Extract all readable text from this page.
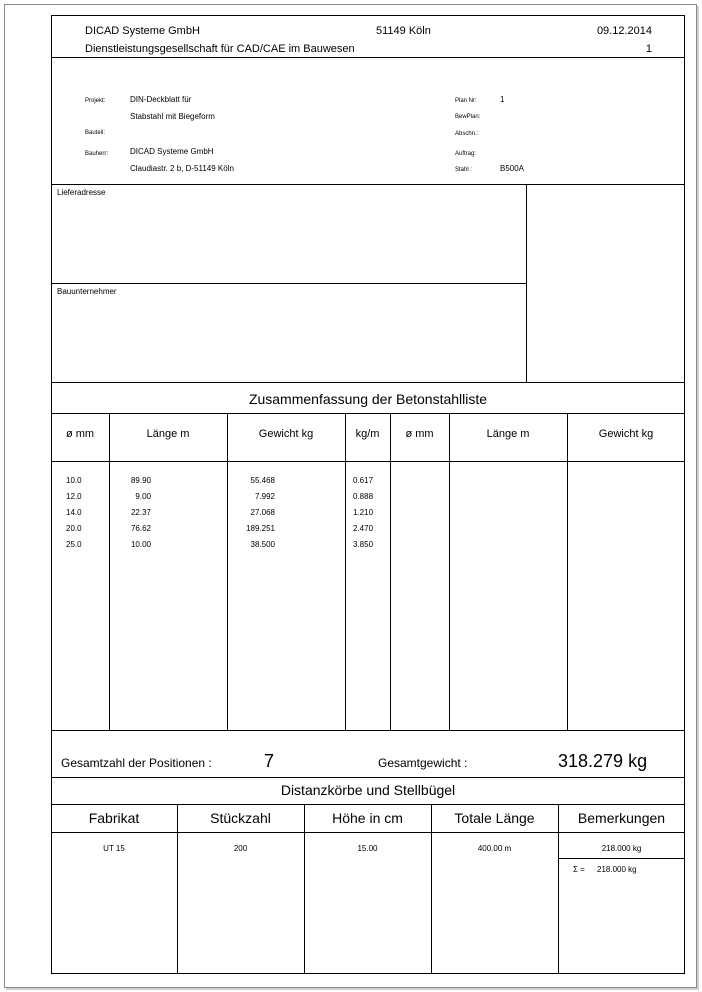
DICAD Systeme GmbH
Dienstleistungsgesellschaft für CAD/CAE im Bauwesen
51149 Köln	09.12.2014
1
Projekt:	DIN-Deckblatt für
Stabstahl mit Biegeform
Bauteil:
Bauherr:	DICAD Systeme GmbH
Claudiastr. 2 b, D-51149 Köln
Plan Nr:	1
BewPlan:
Abschn.:
Auftrag:
Stahl :	B500A
Lieferadresse
Bauunternehmer
Zusammenfassung der Betonstahlliste
ø mm	Länge m	Gewicht kg	kg/m	ø mm	Länge m	Gewicht kg
10.0	89.90	55.468	0.617
12.0	9.00	7.992	0.888
14.0	22.37	27.068	1.210
20.0	76.62	189.251	2.470
25.0	10.00	38.500	3.850
Gesamtzahl der Positionen :	7	Gesamtgewicht :	318.279 kg
Distanzkörbe und Stellbügel
Fabrikat	Stückzahl	Höhe in cm	Totale Länge	Bemerkungen
UT 15	200	15.00	400.00 m	218.000 kg
Σ = 218.000 kg
